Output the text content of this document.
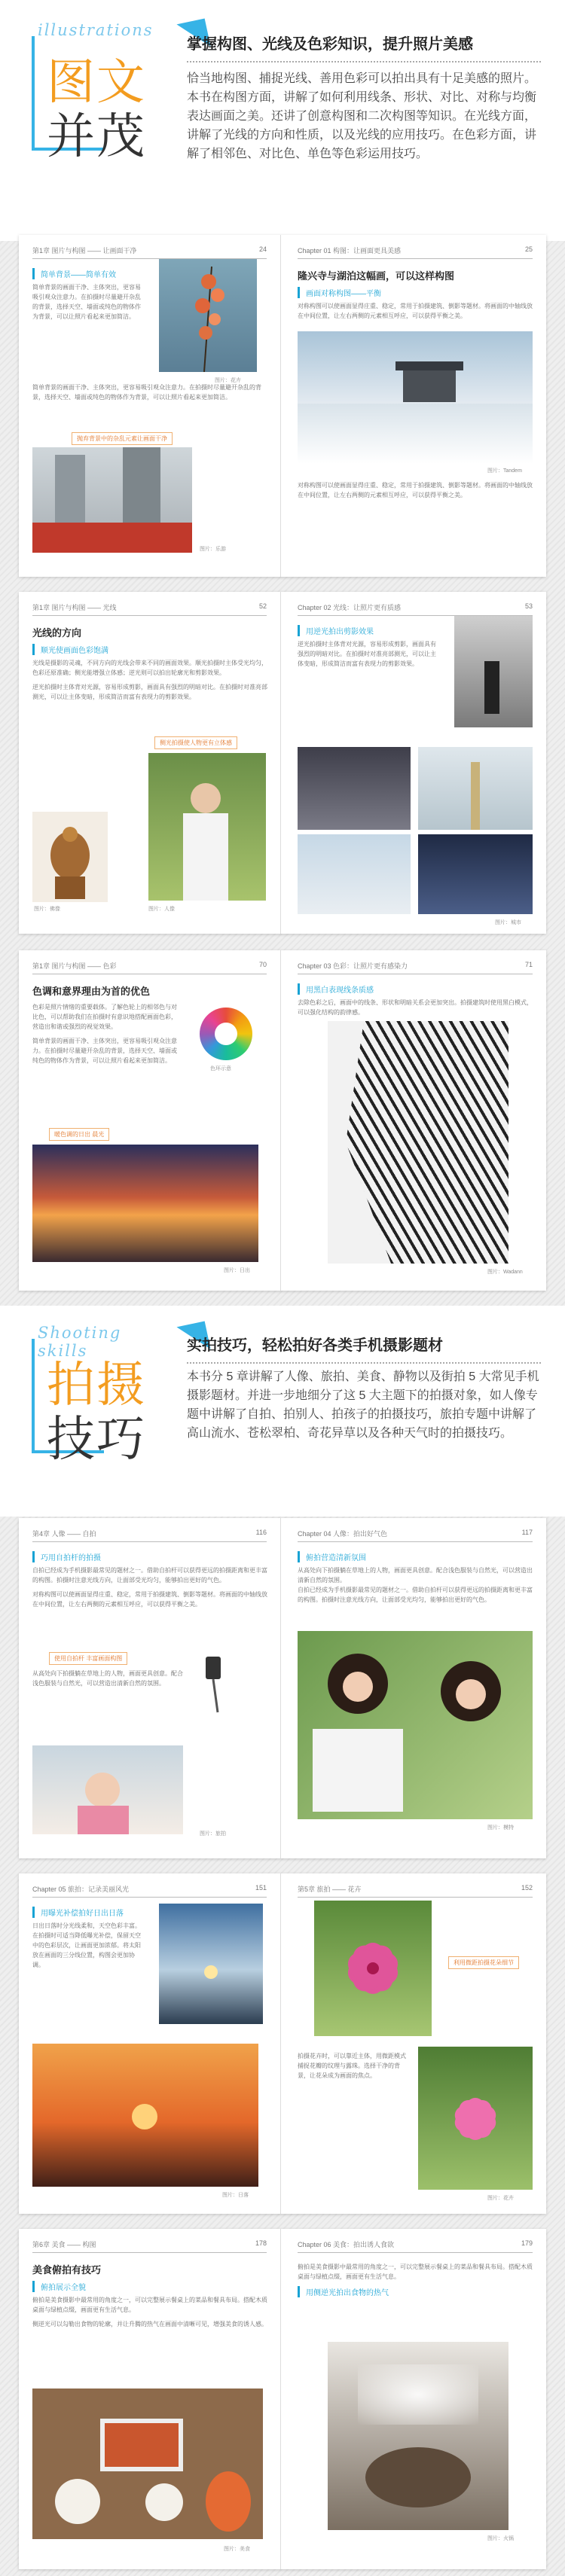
illustrations
图文
并茂
掌握构图、光线及色彩知识，提升照片美感
恰当地构图、捕捉光线、善用色彩可以拍出具有十足美感的照片。本书在构图方面，讲解了如何利用线条、形状、对比、对称与均衡表达画面之美。还讲了创意构图和二次构图等知识。在光线方面，讲解了光线的方向和性质，以及光线的应用技巧。在色彩方面，讲解了相邻色、对比色、单色等色彩运用技巧。
第1章 图片与构图 —— 让画面干净	24
简单背景——简单有效
简单背景的画面干净、主体突出，更容易吸引观众注意力。在拍摄时尽量避开杂乱的背景，选择天空、墙面或纯色的物体作为背景，可以让照片看起来更加简洁。
图片：花卉
简单背景的画面干净、主体突出，更容易吸引观众注意力。在拍摄时尽量避开杂乱的背景，选择天空、墙面或纯色的物体作为背景，可以让照片看起来更加简洁。
抛弃背景中的杂乱元素让画面干净
图片：乐游
Chapter 01 构图：让画面更具美感	25
隆兴寺与湖泊这幅画，可以这样构图
画面对称构图——平衡
对称构图可以使画面显得庄重、稳定，常用于拍摄建筑、倒影等题材。将画面的中轴线放在中间位置，让左右两侧的元素相互呼应，可以获得平衡之美。
图片：Tandem
对称构图可以使画面显得庄重、稳定，常用于拍摄建筑、倒影等题材。将画面的中轴线放在中间位置，让左右两侧的元素相互呼应，可以获得平衡之美。
第1章 图片与构图 —— 光线	52
光线的方向
顺光使画面色彩饱满
光线是摄影的灵魂，不同方向的光线会带来不同的画面效果。顺光拍摄时主体受光均匀，色彩还原准确；侧光能增强立体感；逆光则可以拍出轮廓光和剪影效果。
逆光拍摄时主体背对光源，容易形成剪影，画面具有强烈的明暗对比。在拍摄时对准亮部测光，可以让主体变暗，形成简洁而富有表现力的剪影效果。
侧光拍摄使人物更有立体感
图片：佛像	图片：人像
Chapter 02 光线：让照片更有质感	53
用逆光拍出剪影效果
逆光拍摄时主体背对光源，容易形成剪影，画面具有强烈的明暗对比。在拍摄时对准亮部测光，可以让主体变暗，形成简洁而富有表现力的剪影效果。
图片：城市
第1章 图片与构图 —— 色彩	70
色调和意界理由为首的优色
色彩是照片情绪的重要载体。了解色轮上的相邻色与对比色，可以帮助我们在拍摄时有意识地搭配画面色彩，营造出和谐或强烈的视觉效果。
简单背景的画面干净、主体突出，更容易吸引观众注意力。在拍摄时尽量避开杂乱的背景，选择天空、墙面或纯色的物体作为背景，可以让照片看起来更加简洁。
色环示意
暖色调的日出 晨光
图片：日出
Chapter 03 色彩：让照片更有感染力	71
用黑白表现线条质感
去除色彩之后，画面中的线条、形状和明暗关系会更加突出。拍摄建筑时使用黑白模式，可以强化结构的韵律感。
图片：Wadann
Shooting skills
拍摄
技巧
实拍技巧，轻松拍好各类手机摄影题材
本书分 5 章讲解了人像、旅拍、美食、静物以及街拍 5 大常见手机摄影题材。并进一步地细分了这 5 大主题下的拍摄对象，如人像专题中讲解了自拍、拍别人、拍孩子的拍摄技巧，旅拍专题中讲解了高山流水、苍松翠柏、奇花异草以及各种天气时的拍摄技巧。
第4章 人像 —— 自拍	116
巧用自拍杆的拍摄
自拍已经成为手机摄影最常见的题材之一。借助自拍杆可以获得更远的拍摄距离和更丰富的构图。拍摄时注意光线方向，让面部受光均匀，能够拍出更好的气色。
对称构图可以使画面显得庄重、稳定，常用于拍摄建筑、倒影等题材。将画面的中轴线放在中间位置，让左右两侧的元素相互呼应，可以获得平衡之美。
使用自拍杆 丰富画面构图
从高处向下拍摄躺在草地上的人物，画面更具创意。配合浅色服装与自然光，可以营造出清新自然的氛围。
图片：旅拍
Chapter 04 人像：拍出好气色	117
俯拍营造清新氛围
从高处向下拍摄躺在草地上的人物，画面更具创意。配合浅色服装与自然光，可以营造出清新自然的氛围。
自拍已经成为手机摄影最常见的题材之一。借助自拍杆可以获得更远的拍摄距离和更丰富的构图。拍摄时注意光线方向，让面部受光均匀，能够拍出更好的气色。
图片：模特
Chapter 05 旅拍：记录美丽风光	151
用曝光补偿拍好日出日落
日出日落时分光线柔和，天空色彩丰富。在拍摄时可适当降低曝光补偿，保留天空中的色彩层次，让画面更加浓郁。将太阳放在画面的三分线位置，构图会更加协调。
图片：日落
第5章 旅拍 —— 花卉	152
利用微距拍摄花朵细节
拍摄花卉时，可以靠近主体，用微距模式捕捉花瓣的纹理与露珠。选择干净的背景，让花朵成为画面的焦点。
图片：花卉
第6章 美食 —— 构图	178
美食俯拍有技巧
俯拍展示全貌
俯拍是美食摄影中最常用的角度之一，可以完整展示餐桌上的菜品和餐具布局。搭配木质桌面与绿植点缀，画面更有生活气息。
侧逆光可以勾勒出食物的轮廓，并让升腾的热气在画面中清晰可见，增强美食的诱人感。
图片：美食
Chapter 06 美食：拍出诱人食欲	179
俯拍是美食摄影中最常用的角度之一，可以完整展示餐桌上的菜品和餐具布局。搭配木质桌面与绿植点缀，画面更有生活气息。
用侧逆光拍出食物的热气
图片：火锅
